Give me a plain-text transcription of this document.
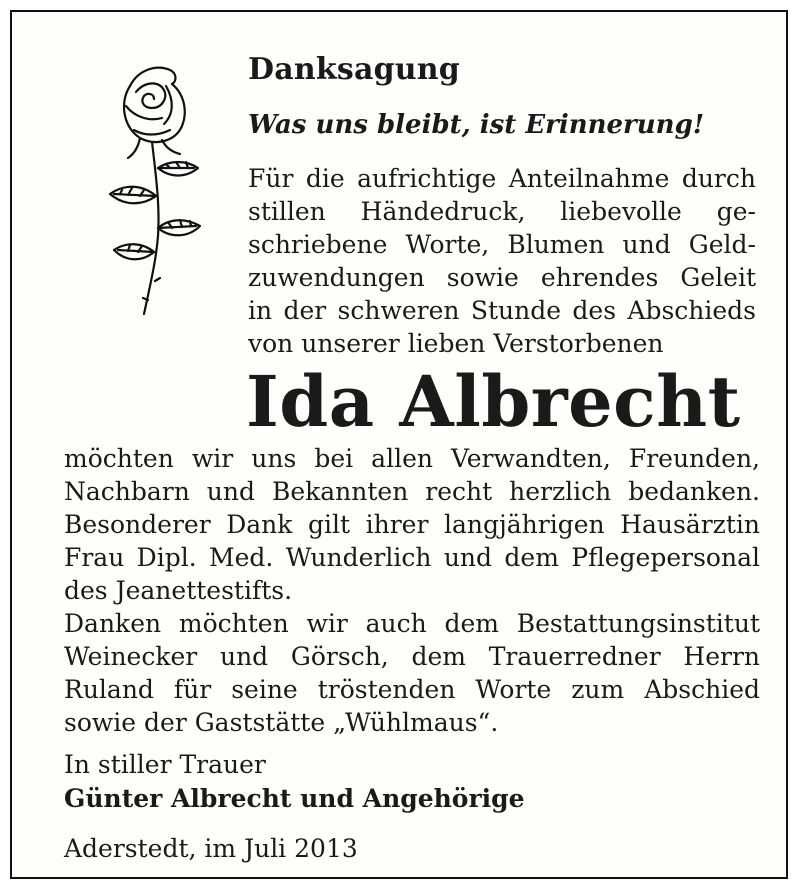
Danksagung
Was uns bleibt, ist Erinnerung!
Für die aufrichtige Anteilnahme durch
stillen Händedruck, liebevolle ge-
schriebene Worte, Blumen und Geld-
zuwendungen sowie ehrendes Geleit
in der schweren Stunde des Abschieds
von unserer lieben Verstorbenen
Ida Albrecht
möchten wir uns bei allen Verwandten, Freunden,
Nachbarn und Bekannten recht herzlich bedanken.
Besonderer Dank gilt ihrer langjährigen Hausärztin
Frau Dipl. Med. Wunderlich und dem Pflegepersonal
des Jeanettestifts.
Danken möchten wir auch dem Bestattungsinstitut
Weinecker und Görsch, dem Trauerredner Herrn
Ruland für seine tröstenden Worte zum Abschied
sowie der Gaststätte „Wühlmaus“.
In stiller Trauer
Günter Albrecht und Angehörige
Aderstedt, im Juli 2013
